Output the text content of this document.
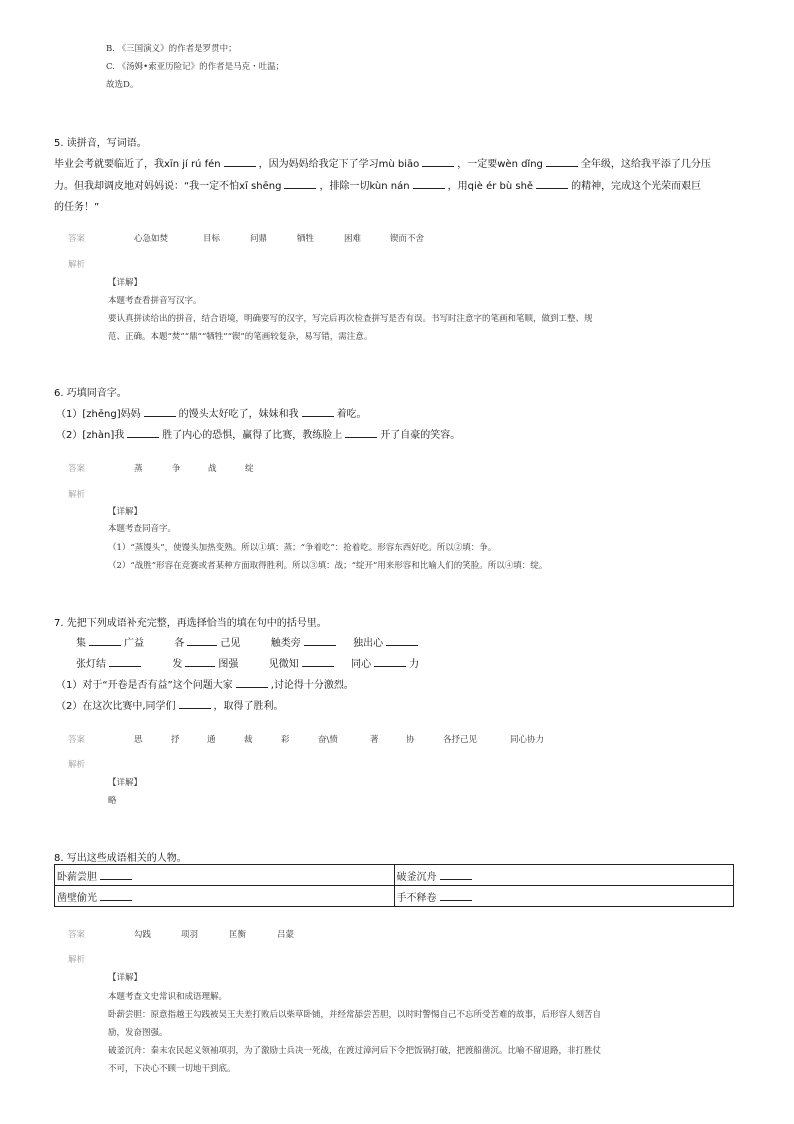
B. 《三国演义》的作者是罗贯中；
C. 《汤姆•索亚历险记》的作者是马克・吐温；
故选D。
5. 读拼音，写词语。
毕业会考就要临近了，我xīn jí rú fén	，因为妈妈给我定下了学习mù biāo	，一定要wèn dǐng	全年级，这给我平添了几分压
力。但我却调皮地对妈妈说：“我一定不怕xī shēng	，排除一切kùn nán	，用qiè ér bù shě	的精神，完成这个光荣而艰巨
的任务！”
答案	心急如焚	目标	问鼎	牺牲	困难	锲而不舍
解析
【详解】
本题考查看拼音写汉字。
要认真拼读给出的拼音，结合语境，明确要写的汉字，写完后再次检查拼写是否有误。书写时注意字的笔画和笔顺，做到工整、规
范、正确。本题“焚”“鼎”“牺牲”“锲”的笔画较复杂，易写错，需注意。
6. 巧填同音字。
（1）[zhēng]妈妈	的馒头太好吃了，妹妹和我	着吃。
（2）[zhàn]我	胜了内心的恐惧，赢得了比赛，教练脸上	开了自豪的笑容。
答案	蒸	争	战	绽
解析
【详解】
本题考查同音字。
（1）“蒸馒头”，使馒头加热变熟。所以①填：蒸；“争着吃”：抢着吃。形容东西好吃。所以②填：争。
（2）“战胜”形容在竞赛或者某种方面取得胜利。所以③填：战；“绽开”用来形容和比喻人们的笑脸。所以④填：绽。
7. 先把下列成语补充完整，再选择恰当的填在句中的括号里。
集	广益	各	己见	触类旁	独出心
张灯结	发	图强	见微知	同心	力
（1）对于“开卷是否有益”这个问题大家	,讨论得十分激烈。
（2）在这次比赛中,同学们	，取得了胜利。
答案	思	抒	通	裁	彩	奋\愤	著	协	各抒己见	同心协力
解析
【详解】
略
8. 写出这些成语相关的人物。
卧薪尝胆	破釜沉舟
凿壁偷光	手不释卷
答案	勾践	项羽	匡衡	吕蒙
解析
【详解】
本题考查文史常识和成语理解。
卧薪尝胆：原意指越王勾践被吴王夫差打败后以柴草卧铺，并经常舔尝苦胆，以时时警惕自己不忘所受苦难的故事，后形容人刻苦自
励，发奋图强。
破釜沉舟：秦末农民起义领袖项羽，为了激励士兵决一死战，在渡过漳河后下令把饭锅打破，把渡船凿沉。比喻不留退路，非打胜仗
不可，下决心不顾一切地干到底。
